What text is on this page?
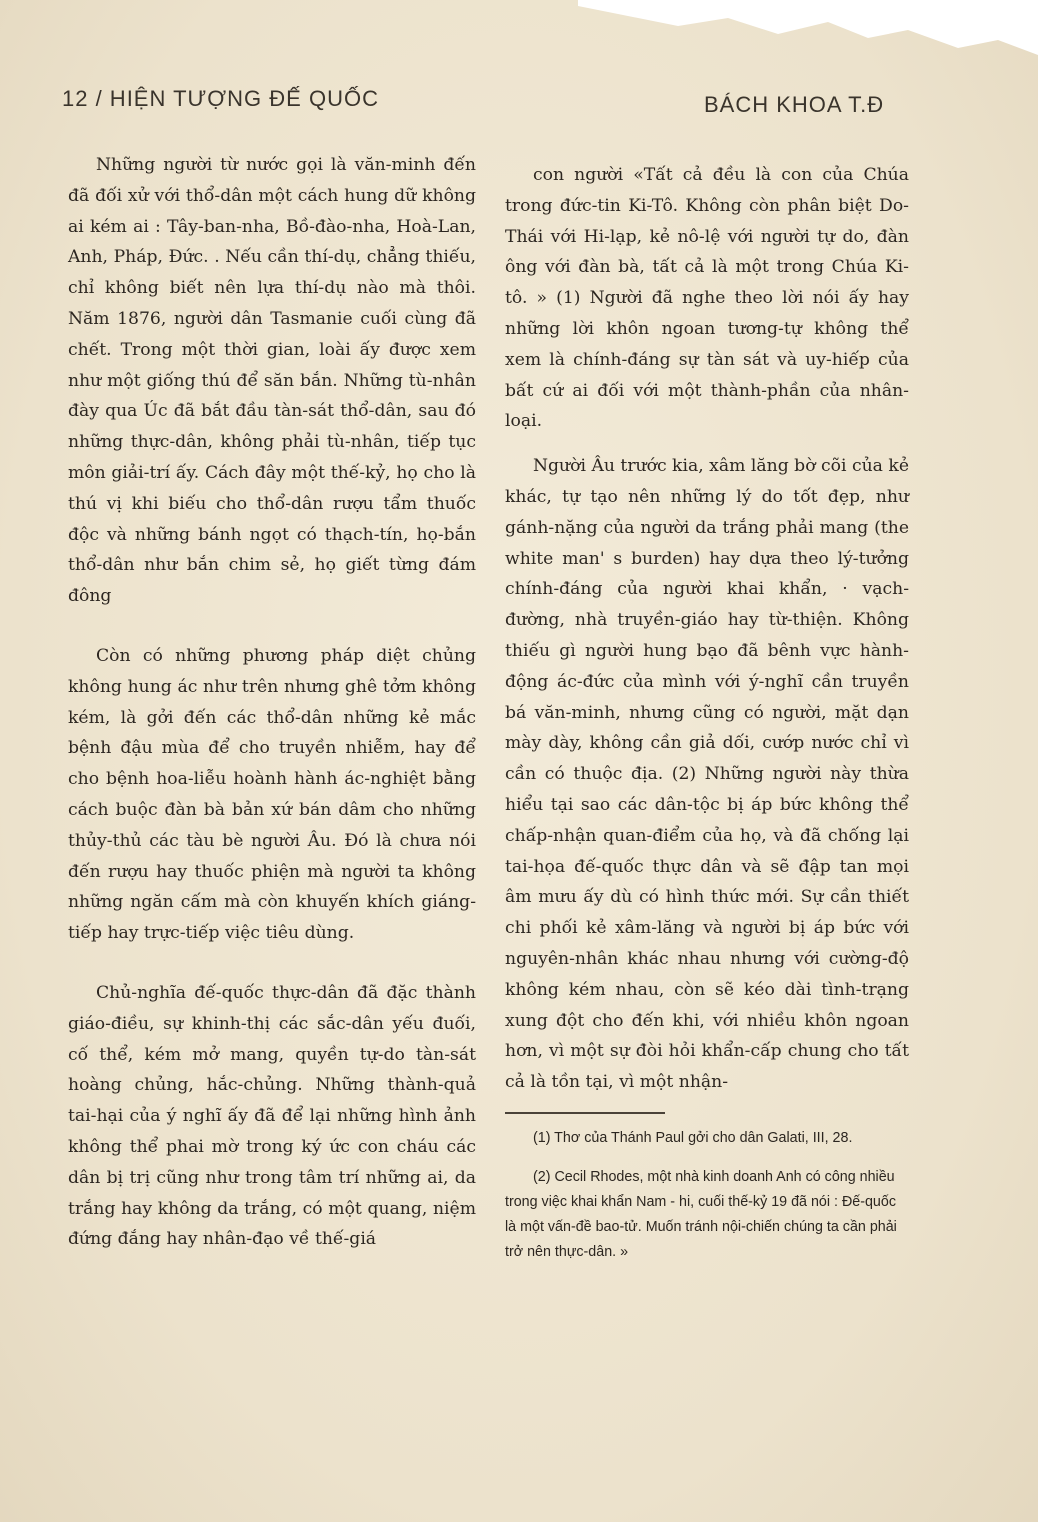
12 / HIỆN TƯỢNG ĐẾ QUỐC	BÁCH KHOA T.Đ

Những người từ nước gọi là văn-minh đến đã đối xử với thổ-dân một cách hung dữ không ai kém ai : Tây-ban-nha, Bồ-đào-nha, Hoà-Lan, Anh, Pháp, Đức. . Nếu cần thí-dụ, chẳng thiếu, chỉ không biết nên lựa thí-dụ nào mà thôi. Năm 1876, người dân Tasmanie cuối cùng đã chết. Trong một thời gian, loài ấy được xem như một giống thú để săn bắn. Những tù-nhân đày qua Úc đã bắt đầu tàn-sát thổ-dân, sau đó những thực-dân, không phải tù-nhân, tiếp tục môn giải-trí ấy. Cách đây một thế-kỷ, họ cho là thú vị khi biếu cho thổ-dân rượu tẩm thuốc độc và những bánh ngọt có thạch-tín, họ-bắn thổ-dân như bắn chim sẻ, họ giết từng đám đông

Còn có những phương pháp diệt chủng không hung ác như trên nhưng ghê tởm không kém, là gởi đến các thổ-dân những kẻ mắc bệnh đậu mùa để cho truyền nhiễm, hay để cho bệnh hoa-liễu hoành hành ác-nghiệt bằng cách buộc đàn bà bản xứ bán dâm cho những thủy-thủ các tàu bè người Âu. Đó là chưa nói đến rượu hay thuốc phiện mà người ta không những ngăn cấm mà còn khuyến khích giáng-tiếp hay trực-tiếp việc tiêu dùng.

Chủ-nghĩa đế-quốc thực-dân đã đặc thành giáo-điều, sự khinh-thị các sắc-dân yếu đuối, cố thể, kém mở mang, quyền tự-do tàn-sát hoàng chủng, hắc-chủng. Những thành-quả tai-hại của ý nghĩ ấy đã để lại những hình ảnh không thể phai mờ trong ký ức con cháu các dân bị trị cũng như trong tâm trí những ai, da trắng hay không da trắng, có một quang, niệm đứng đắng hay nhân-đạo về thế-giá

con người «Tất cả đều là con của Chúa trong đức-tin Ki-Tô. Không còn phân biệt Do-Thái với Hi-lạp, kẻ nô-lệ với người tự do, đàn ông với đàn bà, tất cả là một trong Chúa Ki-tô. » (1) Người đã nghe theo lời nói ấy hay những lời khôn ngoan tương-tự không thể xem là chính-đáng sự tàn sát và uy-hiếp của bất cứ ai đối với một thành-phần của nhân-loại.

Người Âu trước kia, xâm lăng bờ cõi của kẻ khác, tự tạo nên những lý do tốt đẹp, như gánh-nặng của người da trắng phải mang (the white man' s burden) hay dựa theo lý-tưởng chính-đáng của người khai khẩn, · vạch-đường, nhà truyền-giáo hay từ-thiện. Không thiếu gì người hung bạo đã bênh vực hành-động ác-đức của mình với ý-nghĩ cần truyền bá văn-minh, nhưng cũng có người, mặt dạn mày dày, không cần giả dối, cướp nước chỉ vì cần có thuộc địa. (2) Những người này thừa hiểu tại sao các dân-tộc bị áp bức không thể chấp-nhận quan-điểm của họ, và đã chống lại tai-họa đế-quốc thực dân và sẽ đập tan mọi âm mưu ấy dù có hình thức mới. Sự cần thiết chi phối kẻ xâm-lăng và người bị áp bức với nguyên-nhân khác nhau nhưng với cường-độ không kém nhau, còn sẽ kéo dài tình-trạng xung đột cho đến khi, với nhiều khôn ngoan hơn, vì một sự đòi hỏi khẩn-cấp chung cho tất cả là tồn tại, vì một nhận-

(1) Thơ của Thánh Paul gởi cho dân Galati, III, 28.

(2) Cecil Rhodes, một nhà kinh doanh Anh có công nhiều trong việc khai khẩn Nam - hi, cuối thế-kỷ 19 đã nói : Đế-quốc là một vấn-đề bao-tử. Muốn tránh nội-chiến chúng ta cần phải trở nên thực-dân. »
